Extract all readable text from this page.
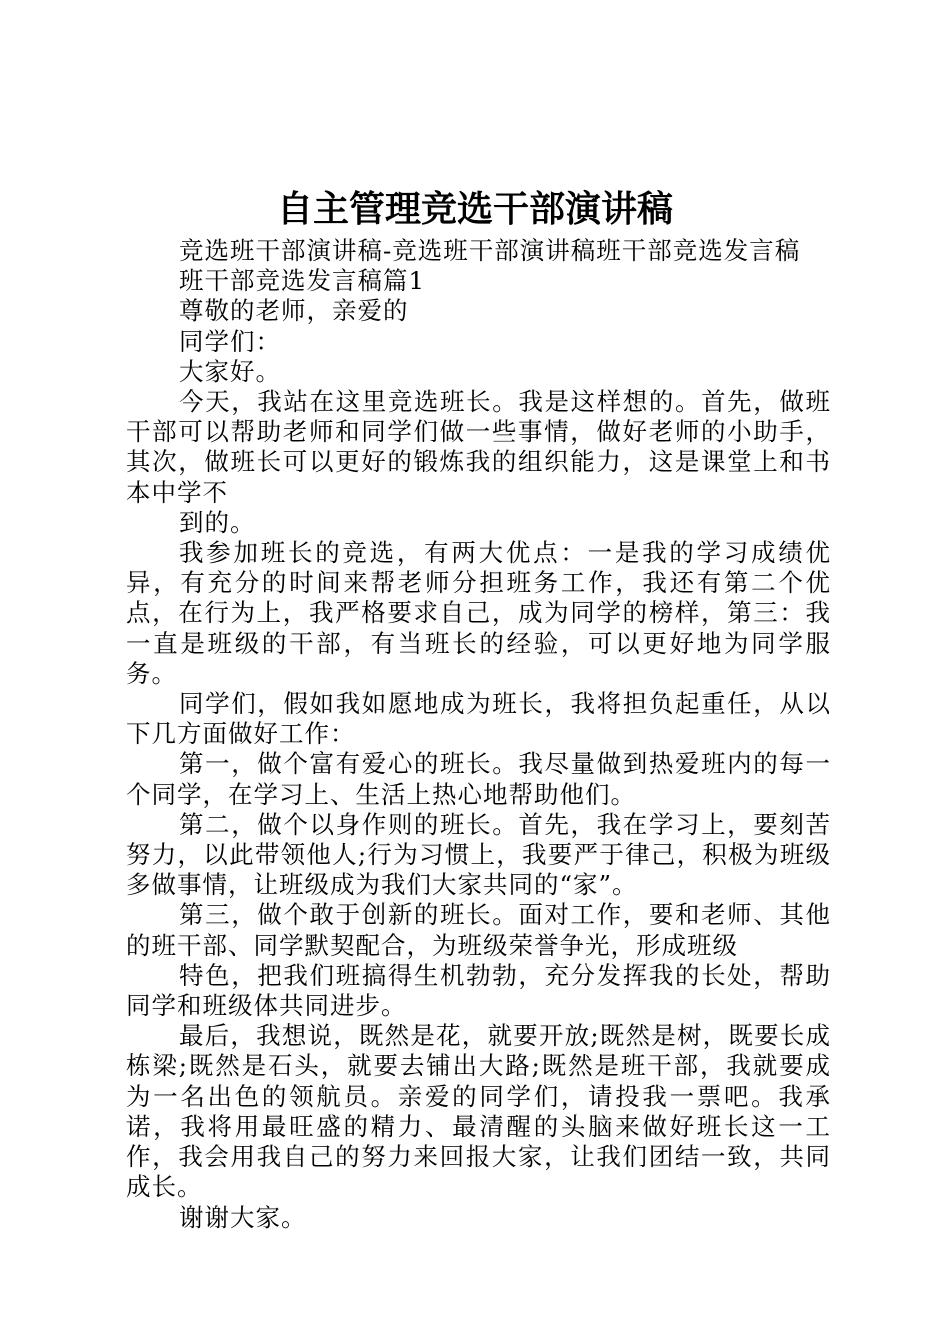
自主管理竞选干部演讲稿

竞选班干部演讲稿-竞选班干部演讲稿班干部竞选发言稿

班干部竞选发言稿篇1

尊敬的老师，亲爱的

同学们：

大家好。

今天，我站在这里竞选班长。我是这样想的。首先，做班干部可以帮助老师和同学们做一些事情，做好老师的小助手，其次，做班长可以更好的锻炼我的组织能力，这是课堂上和书本中学不

到的。

我参加班长的竞选，有两大优点：一是我的学习成绩优异，有充分的时间来帮老师分担班务工作，我还有第二个优点，在行为上，我严格要求自己，成为同学的榜样，第三：我一直是班级的干部，有当班长的经验，可以更好地为同学服务。

同学们，假如我如愿地成为班长，我将担负起重任，从以下几方面做好工作：

第一，做个富有爱心的班长。我尽量做到热爱班内的每一个同学，在学习上、生活上热心地帮助他们。

第二，做个以身作则的班长。首先，我在学习上，要刻苦努力，以此带领他人;行为习惯上，我要严于律己，积极为班级多做事情，让班级成为我们大家共同的“家”。

第三，做个敢于创新的班长。面对工作，要和老师、其他的班干部、同学默契配合，为班级荣誉争光，形成班级

特色，把我们班搞得生机勃勃，充分发挥我的长处，帮助同学和班级体共同进步。

最后，我想说，既然是花，就要开放;既然是树，既要长成栋梁;既然是石头，就要去铺出大路;既然是班干部，我就要成为一名出色的领航员。亲爱的同学们，请投我一票吧。我承诺，我将用最旺盛的精力、最清醒的头脑来做好班长这一工作，我会用我自己的努力来回报大家，让我们团结一致，共同成长。

谢谢大家。
